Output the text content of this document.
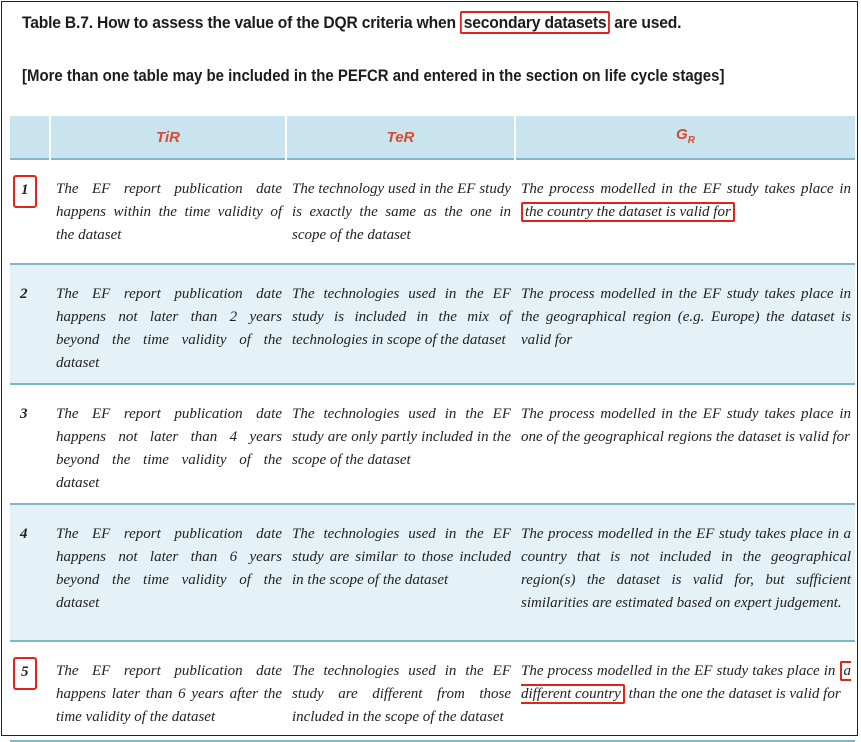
Table B.7. How to assess the value of the DQR criteria when secondary datasets are used.
[More than one table may be included in the PEFCR and entered in the section on life cycle stages]
	TiR	TeR	$G_R$
1	The EF report publication date happens within the time validity of the dataset	The technology used in the EF study is exactly the same as the one in scope of the dataset	The process modelled in the EF study takes place in the country the dataset is valid for
2	The EF report publication date happens not later than 2 years beyond the time validity of the dataset	The technologies used in the EF study is included in the mix of technologies in scope of the dataset	The process modelled in the EF study takes place in the geographical region (e.g. Europe) the dataset is valid for
3	The EF report publication date happens not later than 4 years beyond the time validity of the dataset	The technologies used in the EF study are only partly included in the scope of the dataset	The process modelled in the EF study takes place in one of the geographical regions the dataset is valid for
4	The EF report publication date happens not later than 6 years beyond the time validity of the dataset	The technologies used in the EF study are similar to those included in the scope of the dataset	The process modelled in the EF study takes place in a country that is not included in the geographical region(s) the dataset is valid for, but sufficient similarities are estimated based on expert judgement.
5	The EF report publication date happens later than 6 years after the time validity of the dataset	The technologies used in the EF study are different from those included in the scope of the dataset	The process modelled in the EF study takes place in a different country than the one the dataset is valid for
